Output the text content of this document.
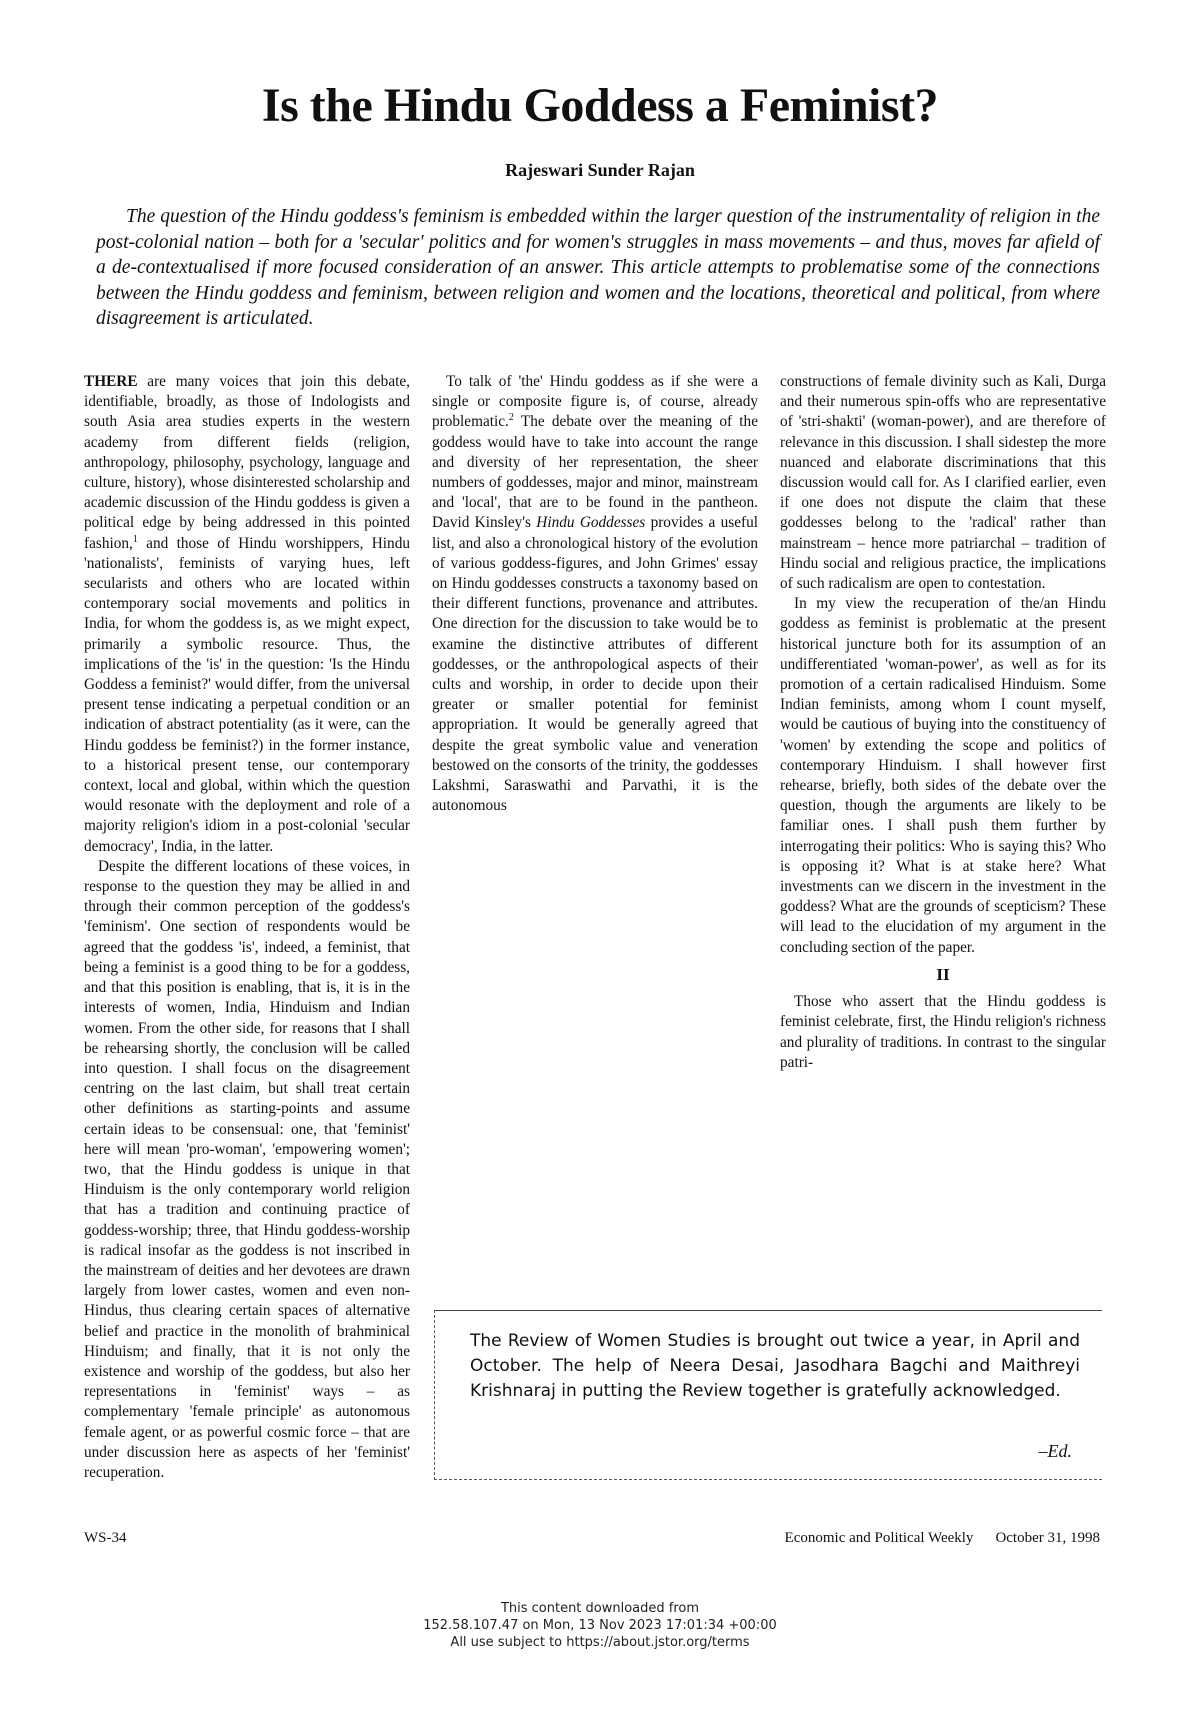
Is the Hindu Goddess a Feminist?
Rajeswari Sunder Rajan

The question of the Hindu goddess's feminism is embedded within the larger question of the instrumentality of religion in the post-colonial nation – both for a 'secular' politics and for women's struggles in mass movements – and thus, moves far afield of a de-contextualised if more focused consideration of an answer. This article attempts to problematise some of the connections between the Hindu goddess and feminism, between religion and women and the locations, theoretical and political, from where disagreement is articulated.

THERE are many voices that join this debate, identifiable, broadly, as those of Indologists and south Asia area studies experts in the western academy from different fields (religion, anthropology, philosophy, psychology, language and culture, history), whose disinterested scholarship and academic discussion of the Hindu goddess is given a political edge by being addressed in this pointed fashion,$^1$ and those of Hindu worshippers, Hindu 'nationalists', feminists of varying hues, left secularists and others who are located within contemporary social movements and politics in India, for whom the goddess is, as we might expect, primarily a symbolic resource. Thus, the implications of the 'is' in the question: 'Is the Hindu Goddess a feminist?' would differ, from the universal present tense indicating a perpetual condition or an indication of abstract potentiality (as it were, can the Hindu goddess be feminist?) in the former instance, to a historical present tense, our contemporary context, local and global, within which the question would resonate with the deployment and role of a majority religion's idiom in a post-colonial 'secular democracy', India, in the latter.

Despite the different locations of these voices, in response to the question they may be allied in and through their common perception of the goddess's 'feminism'. One section of respondents would be agreed that the goddess 'is', indeed, a feminist, that being a feminist is a good thing to be for a goddess, and that this position is enabling, that is, it is in the interests of women, India, Hinduism and Indian women. From the other side, for reasons that I shall be rehearsing shortly, the conclusion will be called into question. I shall focus on the disagreement centring on the last claim, but shall treat certain other definitions as starting-points and assume certain ideas to be consensual: one, that 'feminist' here will mean 'pro-woman', 'empowering women'; two, that the Hindu goddess is unique in that Hinduism is the only contemporary world religion that has a tradition and continuing practice of goddess-worship; three, that Hindu goddess-worship is radical insofar as the goddess is not inscribed in the mainstream of deities and her devotees are drawn largely from lower castes, women and even non-Hindus, thus clearing certain spaces of alternative belief and practice in the monolith of brahminical Hinduism; and finally, that it is not only the existence and worship of the goddess, but also her representations in 'feminist' ways – as complementary 'female principle' as autonomous female agent, or as powerful cosmic force – that are under discussion here as aspects of her 'feminist' recuperation.

To talk of 'the' Hindu goddess as if she were a single or composite figure is, of course, already problematic.$^2$ The debate over the meaning of the goddess would have to take into account the range and diversity of her representation, the sheer numbers of goddesses, major and minor, mainstream and 'local', that are to be found in the pantheon. David Kinsley's Hindu Goddesses provides a useful list, and also a chronological history of the evolution of various goddess-figures, and John Grimes' essay on Hindu goddesses constructs a taxonomy based on their different functions, provenance and attributes. One direction for the discussion to take would be to examine the distinctive attributes of different goddesses, or the anthropological aspects of their cults and worship, in order to decide upon their greater or smaller potential for feminist appropriation. It would be generally agreed that despite the great symbolic value and veneration bestowed on the consorts of the trinity, the goddesses Lakshmi, Saraswathi and Parvathi, it is the autonomous

constructions of female divinity such as Kali, Durga and their numerous spin-offs who are representative of 'stri-shakti' (woman-power), and are therefore of relevance in this discussion. I shall sidestep the more nuanced and elaborate discriminations that this discussion would call for. As I clarified earlier, even if one does not dispute the claim that these goddesses belong to the 'radical' rather than mainstream – hence more patriarchal – tradition of Hindu social and religious practice, the implications of such radicalism are open to contestation.

In my view the recuperation of the/an Hindu goddess as feminist is problematic at the present historical juncture both for its assumption of an undifferentiated 'woman-power', as well as for its promotion of a certain radicalised Hinduism. Some Indian feminists, among whom I count myself, would be cautious of buying into the constituency of 'women' by extending the scope and politics of contemporary Hinduism. I shall however first rehearse, briefly, both sides of the debate over the question, though the arguments are likely to be familiar ones. I shall push them further by interrogating their politics: Who is saying this? Who is opposing it? What is at stake here? What investments can we discern in the investment in the goddess? What are the grounds of scepticism? These will lead to the elucidation of my argument in the concluding section of the paper.

II

Those who assert that the Hindu goddess is feminist celebrate, first, the Hindu religion's richness and plurality of traditions. In contrast to the singular patri-

The Review of Women Studies is brought out twice a year, in April and October. The help of Neera Desai, Jasodhara Bagchi and Maithreyi Krishnaraj in putting the Review together is gratefully acknowledged.

–Ed.
WS-34	Economic and Political Weekly October 31, 1998
This content downloaded from
152.58.107.47 on Mon, 13 Nov 2023 17:01:34 +00:00
All use subject to https://about.jstor.org/terms
